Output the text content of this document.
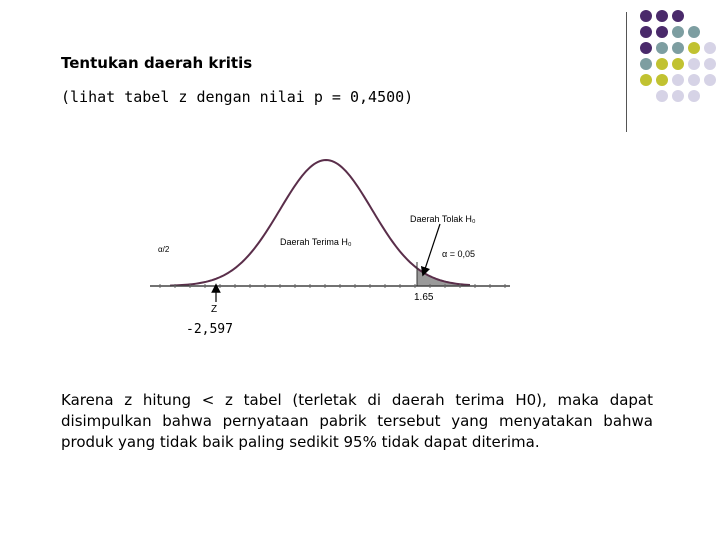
Tentukan daerah kritis
(lihat tabel z dengan nilai p = 0,4500)
α/2
Daerah Terima H₀
Daerah Tolak H₀
α = 0,05
1.65
Z
-2,597
Karena z hitung < z tabel (terletak di daerah terima H0), maka dapat disimpulkan bahwa pernyataan pabrik tersebut yang menyatakan bahwa produk yang tidak baik paling sedikit 95% tidak dapat diterima.
